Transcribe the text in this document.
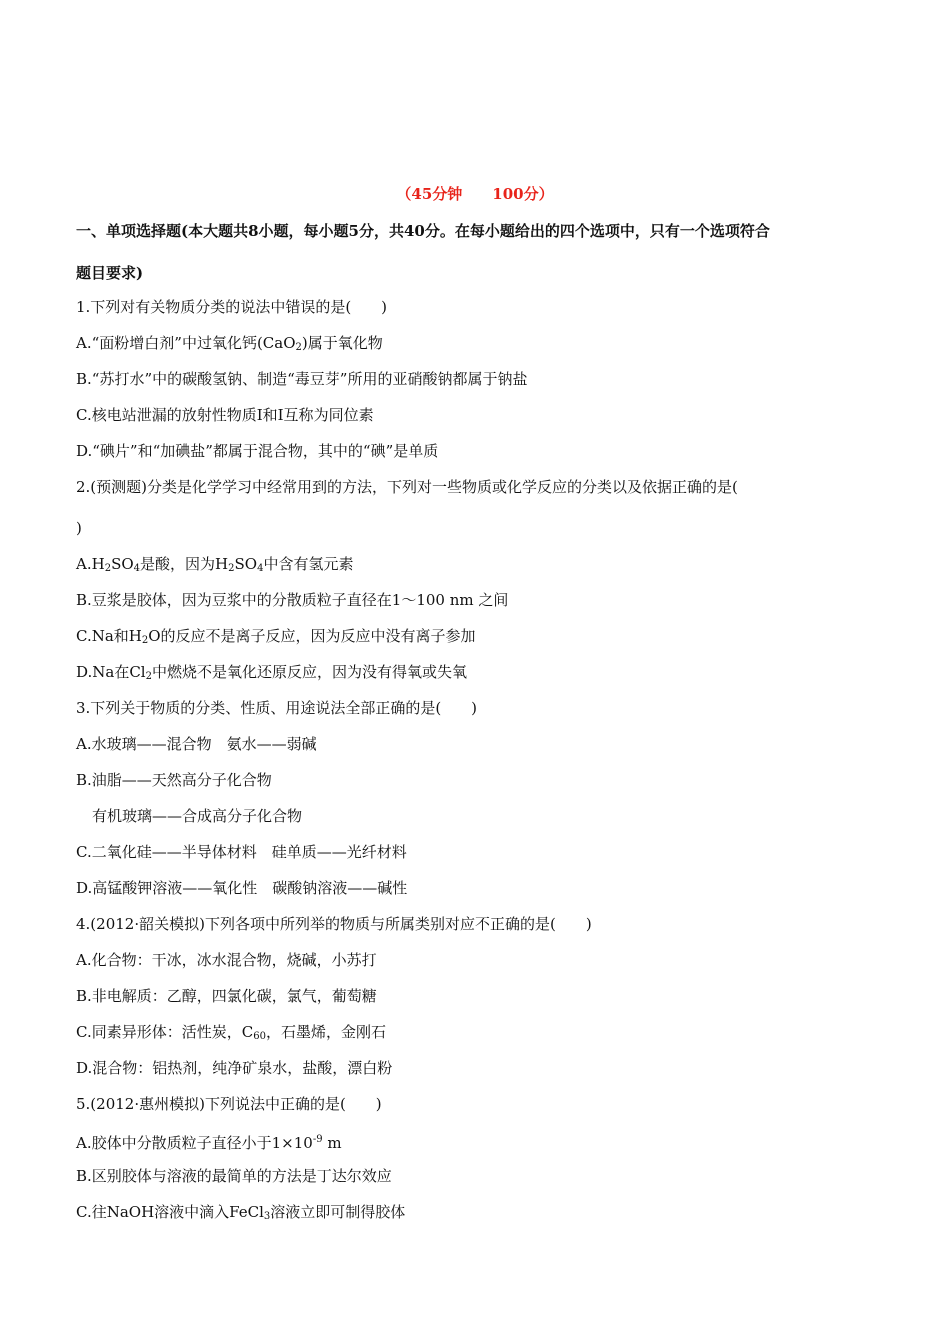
（45分钟　　100分）
一、单项选择题(本大题共8小题，每小题5分，共40分。在每小题给出的四个选项中，只有一个选项符合
题目要求)
1.下列对有关物质分类的说法中错误的是(　　)
A.“面粉增白剂”中过氧化钙(CaO$_2$)属于氧化物
B.“苏打水”中的碳酸氢钠、制造“毒豆芽”所用的亚硝酸钠都属于钠盐
C.核电站泄漏的放射性物质I和I互称为同位素
D.“碘片”和“加碘盐”都属于混合物，其中的“碘”是单质
2.(预测题)分类是化学学习中经常用到的方法，下列对一些物质或化学反应的分类以及依据正确的是(
)
$A.H_2SO_4$是酸，因为$H_2SO_4$中含有氢元素
B.豆浆是胶体，因为豆浆中的分散质粒子直径在1～100 nm 之间
C.Na和$H_2O$的反应不是离子反应，因为反应中没有离子参加
D.Na在$Cl_2$中燃烧不是氧化还原反应，因为没有得氧或失氧
3.下列关于物质的分类、性质、用途说法全部正确的是(　　)
A.水玻璃——混合物　氨水——弱碱
B.油脂——天然高分子化合物
有机玻璃——合成高分子化合物
C.二氧化硅——半导体材料　硅单质——光纤材料
D.高锰酸钾溶液——氧化性　碳酸钠溶液——碱性
4.(2012·韶关模拟)下列各项中所列举的物质与所属类别对应不正确的是(　　)
A.化合物：干冰，冰水混合物，烧碱，小苏打
B.非电解质：乙醇，四氯化碳，氯气，葡萄糖
C.同素异形体：活性炭，$C_{60}$，石墨烯，金刚石
D.混合物：铝热剂，纯净矿泉水，盐酸，漂白粉
5.(2012·惠州模拟)下列说法中正确的是(　　)
A.胶体中分散质粒子直径小于$1\times 10^{-9}$ m
B.区别胶体与溶液的最简单的方法是丁达尔效应
C.往NaOH溶液中滴入FeCl$_3$溶液立即可制得胶体
